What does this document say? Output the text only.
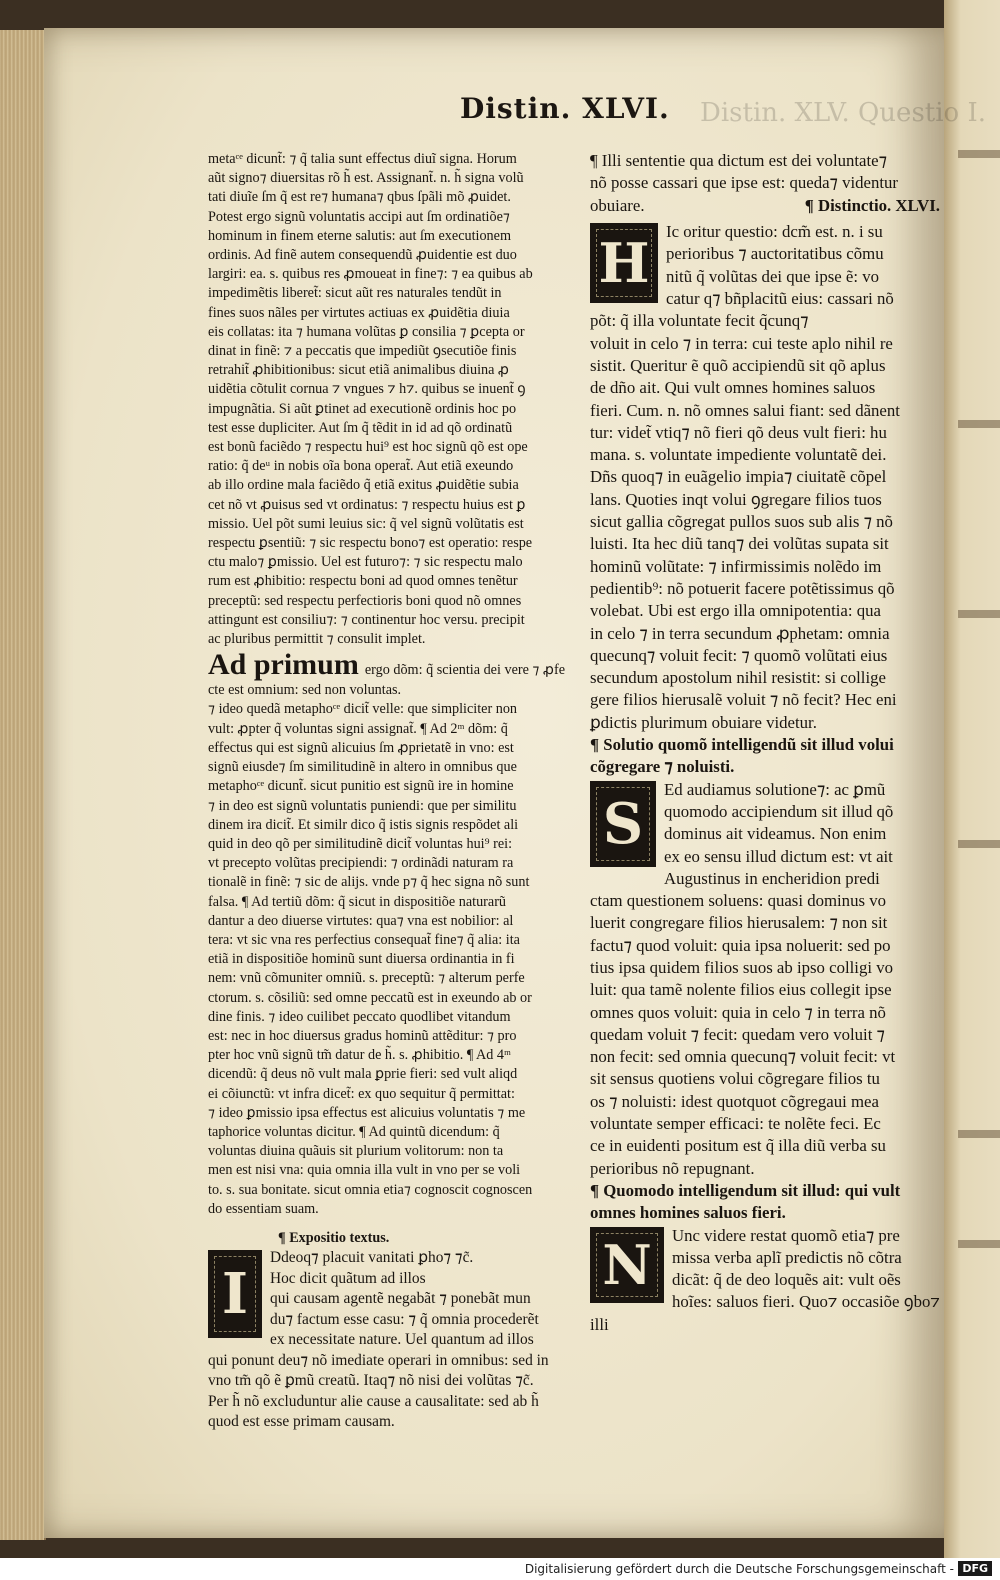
Distin. XLVI. Distin. XLV. Questio I.

metaᶜᵉ dicunt̃: ⁊ q̃ talia sunt effectus diuĩ signa. Horum
aũt signo⁊ diuersitas rõ h̃ est. Assignant̃. n. h̃ signa volũ
tati diuĩe ſm q̃ est re⁊ humana⁊ qbus ſpãli mõ ꝓuidet.
Potest ergo signũ voluntatis accipi aut ſm ordinatiõe⁊
hominum in finem eterne salutis: aut ſm executionem
ordinis. Ad finẽ autem consequendũ ꝓuidentie est duo
largiri: ea. s. quibus res ꝓmoueat in fine⁊: ⁊ ea quibus ab
impedimẽtis liberet̃: sicut aũt res naturales tendũt in
fines suos nãles per virtutes actiuas ex ꝓuidẽtia diuia
eis collatas: ita ⁊ humana volũtas ꝑ consilia ⁊ ꝑcepta or
dinat in finẽ: ⁊ a peccatis que impediũt ꝯsecutiõe finis
retrahit̃ ꝓhibitionibus: sicut etiã animalibus diuina ꝓ
uidẽtia cõtulit cornua ⁊ vngues ⁊ h⁊. quibus se inuent̃ ꝯ
impugnãtia. Si aũt ꝑtinet ad executionẽ ordinis hoc po
test esse dupliciter. Aut ſm q̃ tẽdit in id ad qõ ordinatũ
est bonũ faciẽdo ⁊ respectu hui⁹ est hoc signũ qõ est ope
ratio: q̃ deᵘ in nobis oĩa bona operat̃. Aut etiã exeundo
ab illo ordine mala faciẽdo q̃ etiã exitus ꝓuidẽtie subia
cet nõ vt ꝓuisus sed vt ordinatus: ⁊ respectu huius est ꝑ
missio. Uel põt sumi leuius sic: q̃ vel signũ volũtatis est
respectu ꝑsentiũ: ⁊ sic respectu bono⁊ est operatio: respe
ctu malo⁊ ꝑmissio. Uel est futuro⁊: ⁊ sic respectu malo
rum est ꝓhibitio: respectu boni ad quod omnes tenẽtur
preceptũ: sed respectu perfectioris boni quod nõ omnes
attingunt est consiliu⁊: ⁊ continentur hoc versu. precipit
ac pluribus permittit ⁊ consulit implet.

Ad primum ergo dõm: q̃ scientia dei vere ⁊ ꝓfe
cte est omnium: sed non voluntas.
⁊ ideo quedã metaphoᶜᵉ dicit̃ velle: que simpliciter non
vult: ꝓpter q̃ voluntas signi assignat̃. ¶ Ad 2ᵐ dõm: q̃
effectus qui est signũ alicuius ſm ꝓprietatẽ in vno: est
signũ eiusde⁊ ſm similitudinẽ in altero in omnibus que
metaphoᶜᵉ dicunt̃. sicut punitio est signũ ire in homine
⁊ in deo est signũ voluntatis puniendi: que per similitu
dinem ira dicit̃. Et similr dico q̃ istis signis respõdet ali
quid in deo qõ per similitudinẽ dicit̃ voluntas hui⁹ rei:
vt precepto volũtas precipiendi: ⁊ ordinãdi naturam ra
tionalẽ in finẽ: ⁊ sic de alijs. vnde p⁊ q̃ hec signa nõ sunt
falsa. ¶ Ad tertiũ dõm: q̃ sicut in dispositiõe naturarũ
dantur a deo diuerse virtutes: qua⁊ vna est nobilior: al
tera: vt sic vna res perfectius consequat̃ fine⁊ q̃ alia: ita
etiã in dispositiõe hominũ sunt diuersa ordinantia in fi
nem: vnũ cõmuniter omniũ. s. preceptũ: ⁊ alterum perfe
ctorum. s. cõsiliũ: sed omne peccatũ est in exeundo ab or
dine finis. ⁊ ideo cuilibet peccato quodlibet vitandum
est: nec in hoc diuersus gradus hominũ attẽditur: ⁊ pro
pter hoc vnũ signũ tm̃ datur de h̃. s. ꝓhibitio. ¶ Ad 4ᵐ
dicendũ: q̃ deus nõ vult mala ꝑprie fieri: sed vult aliqd
ei cõiunctũ: vt infra dicet̃: ex quo sequitur q̃ permittat:
⁊ ideo ꝑmissio ipsa effectus est alicuius voluntatis ⁊ me
taphorice voluntas dicitur. ¶ Ad quintũ dicendum: q̃
voluntas diuina quãuis sit plurium volitorum: non ta
men est nisi vna: quia omnia illa vult in vno per se voli
to. s. sua bonitate. sicut omnia etia⁊ cognoscit cognoscen
do essentiam suam.

¶ Expositio textus.

I

Ddeoq⁊ placuit vanitati ꝑho⁊ ⁊c̃.
Hoc dicit quãtum ad illos
qui causam agentẽ negabãt ⁊ ponebãt mun
du⁊ factum esse casu: ⁊ q̃ omnia procederẽt
ex necessitate nature. Uel quantum ad illos
qui ponunt deu⁊ nõ imediate operari in omnibus: sed in
vno tm̃ qõ ẽ ꝑmũ creatũ. Itaq⁊ nõ nisi dei volũtas ⁊c̃.
Per h̃ nõ excluduntur alie cause a causalitate: sed ab h̃
quod est esse primam causam.

¶ Illi sententie qua dictum est dei voluntate⁊
nõ posse cassari que ipse est: queda⁊ videntur
obuiare.	¶ Distinctio. XLVI.

H Ic oritur questio: dcm̃ est. n. i su
perioribus ⁊ auctoritatibus cõmu
nitũ q̃ volũtas dei que ipse ẽ: vo
catur q⁊ bñplacitũ eius: cassari nõ
põt: q̃ illa voluntate fecit q̃cunq⁊
voluit in celo ⁊ in terra: cui teste aplo nihil re
sistit. Queritur ẽ quõ accipiendũ sit qõ aplus
de dño ait. Qui vult omnes homines saluos
fieri. Cum. n. nõ omnes salui fiant: sed dãnent
tur: videt̃ vtiq⁊ nõ fieri qõ deus vult fieri: hu
mana. s. voluntate impediente voluntatẽ dei.
Dñs quoq⁊ in euãgelio impia⁊ ciuitatẽ cõpel
lans. Quoties inqt volui ꝯgregare filios tuos
sicut gallia cõgregat pullos suos sub alis ⁊ nõ
luisti. Ita hec diũ tanq⁊ dei volũtas supata sit
hominũ volũtate: ⁊ infirmissimis nolẽdo im
pedientib⁹: nõ potuerit facere potẽtissimus qõ
volebat. Ubi est ergo illa omnipotentia: qua
in celo ⁊ in terra secundum ꝓphetam: omnia
quecunq⁊ voluit fecit: ⁊ quomõ volũtati eius
secundum apostolum nihil resistit: si collige
gere filios hierusalẽ voluit ⁊ nõ fecit? Hec eni
ꝑdictis plurimum obuiare videtur.

¶ Solutio quomõ intelligendũ sit illud volui
cõgregare ⁊ noluisti.

S

Ed audiamus solutione⁊: ac ꝑmũ
quomodo accipiendum sit illud qõ
dominus ait videamus. Non enim
ex eo sensu illud dictum est: vt ait
Augustinus in encheridion predi
ctam questionem soluens: quasi dominus vo
luerit congregare filios hierusalem: ⁊ non sit
factu⁊ quod voluit: quia ipsa noluerit: sed po
tius ipsa quidem filios suos ab ipso colligi vo
luit: qua tamẽ nolente filios eius collegit ipse
omnes quos voluit: quia in celo ⁊ in terra nõ
quedam voluit ⁊ fecit: quedam vero voluit ⁊
non fecit: sed omnia quecunq⁊ voluit fecit: vt
sit sensus quotiens volui cõgregare filios tu
os ⁊ noluisti: idest quotquot cõgregaui mea
voluntate semper efficaci: te nolẽte feci. Ec
ce in euidenti positum est q̃ illa diũ verba su
perioribus nõ repugnant.

¶ Quomodo intelligendum sit illud: qui vult
omnes homines saluos fieri.

N	Unc videre restat quomõ etia⁊ pre
missa verba aplĩ predictis nõ cõtra
dicãt: q̃ de deo loquẽs ait: vult oẽs
hoĩes: saluos fieri. Quo⁊ occasiõe ꝯbo⁊ illi

Digitalisierung gefördert durch die Deutsche Forschungsgemeinschaft - DFG
